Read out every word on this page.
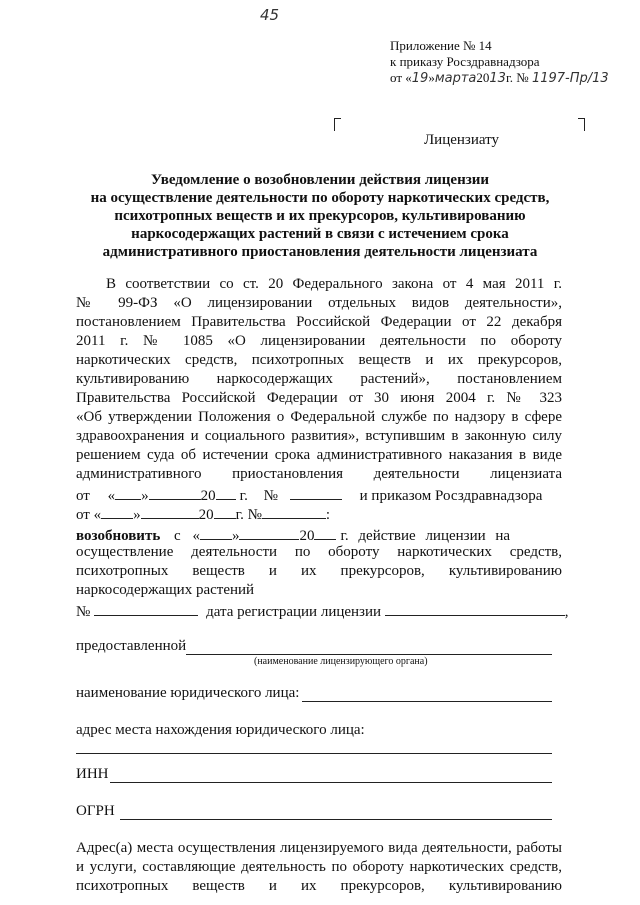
45
Приложение № 14
к приказу Росздравнадзора
от «19»марта2013г. № 1197-Пр/13
Лицензиату
Уведомление о возобновлении действия лицензии
на осуществление деятельности по обороту наркотических средств,
психотропных веществ и их прекурсоров, культивированию
наркосодержащих растений в связи с истечением срока
административного приостановления деятельности лицензиата
В соответствии со ст. 20 Федерального закона от 4 мая 2011 г.
№ 99-ФЗ «О лицензировании отдельных видов деятельности»,
постановлением Правительства Российской Федерации от 22 декабря
2011 г. № 1085 «О лицензировании деятельности по обороту
наркотических средств, психотропных веществ и их прекурсоров,
культивированию наркосодержащих растений», постановлением
Правительства Российской Федерации от 30 июня 2004 г. № 323
«Об утверждении Положения о Федеральной службе по надзору в сфере
здравоохранения и социального развития», вступившим в законную силу
решением суда об истечении срока административного наказания в виде
административного приостановления деятельности лицензиата
от « »	20 г. №	и приказом Росздравнадзора
от « »	20 г. №	:
возобновить с « »	20 г. действие лицензии на
осуществление деятельности по обороту наркотических средств,
психотропных веществ и их прекурсоров, культивированию
наркосодержащих растений
№	дата регистрации лицензии	,
предоставленной
(наименование лицензирующего органа)
наименование юридического лица:
адрес места нахождения юридического лица:
ИНН
ОГРН
Адрес(а) места осуществления лицензируемого вида деятельности, работы
и услуги, составляющие деятельность по обороту наркотических средств,
психотропных веществ и их прекурсоров, культивированию
